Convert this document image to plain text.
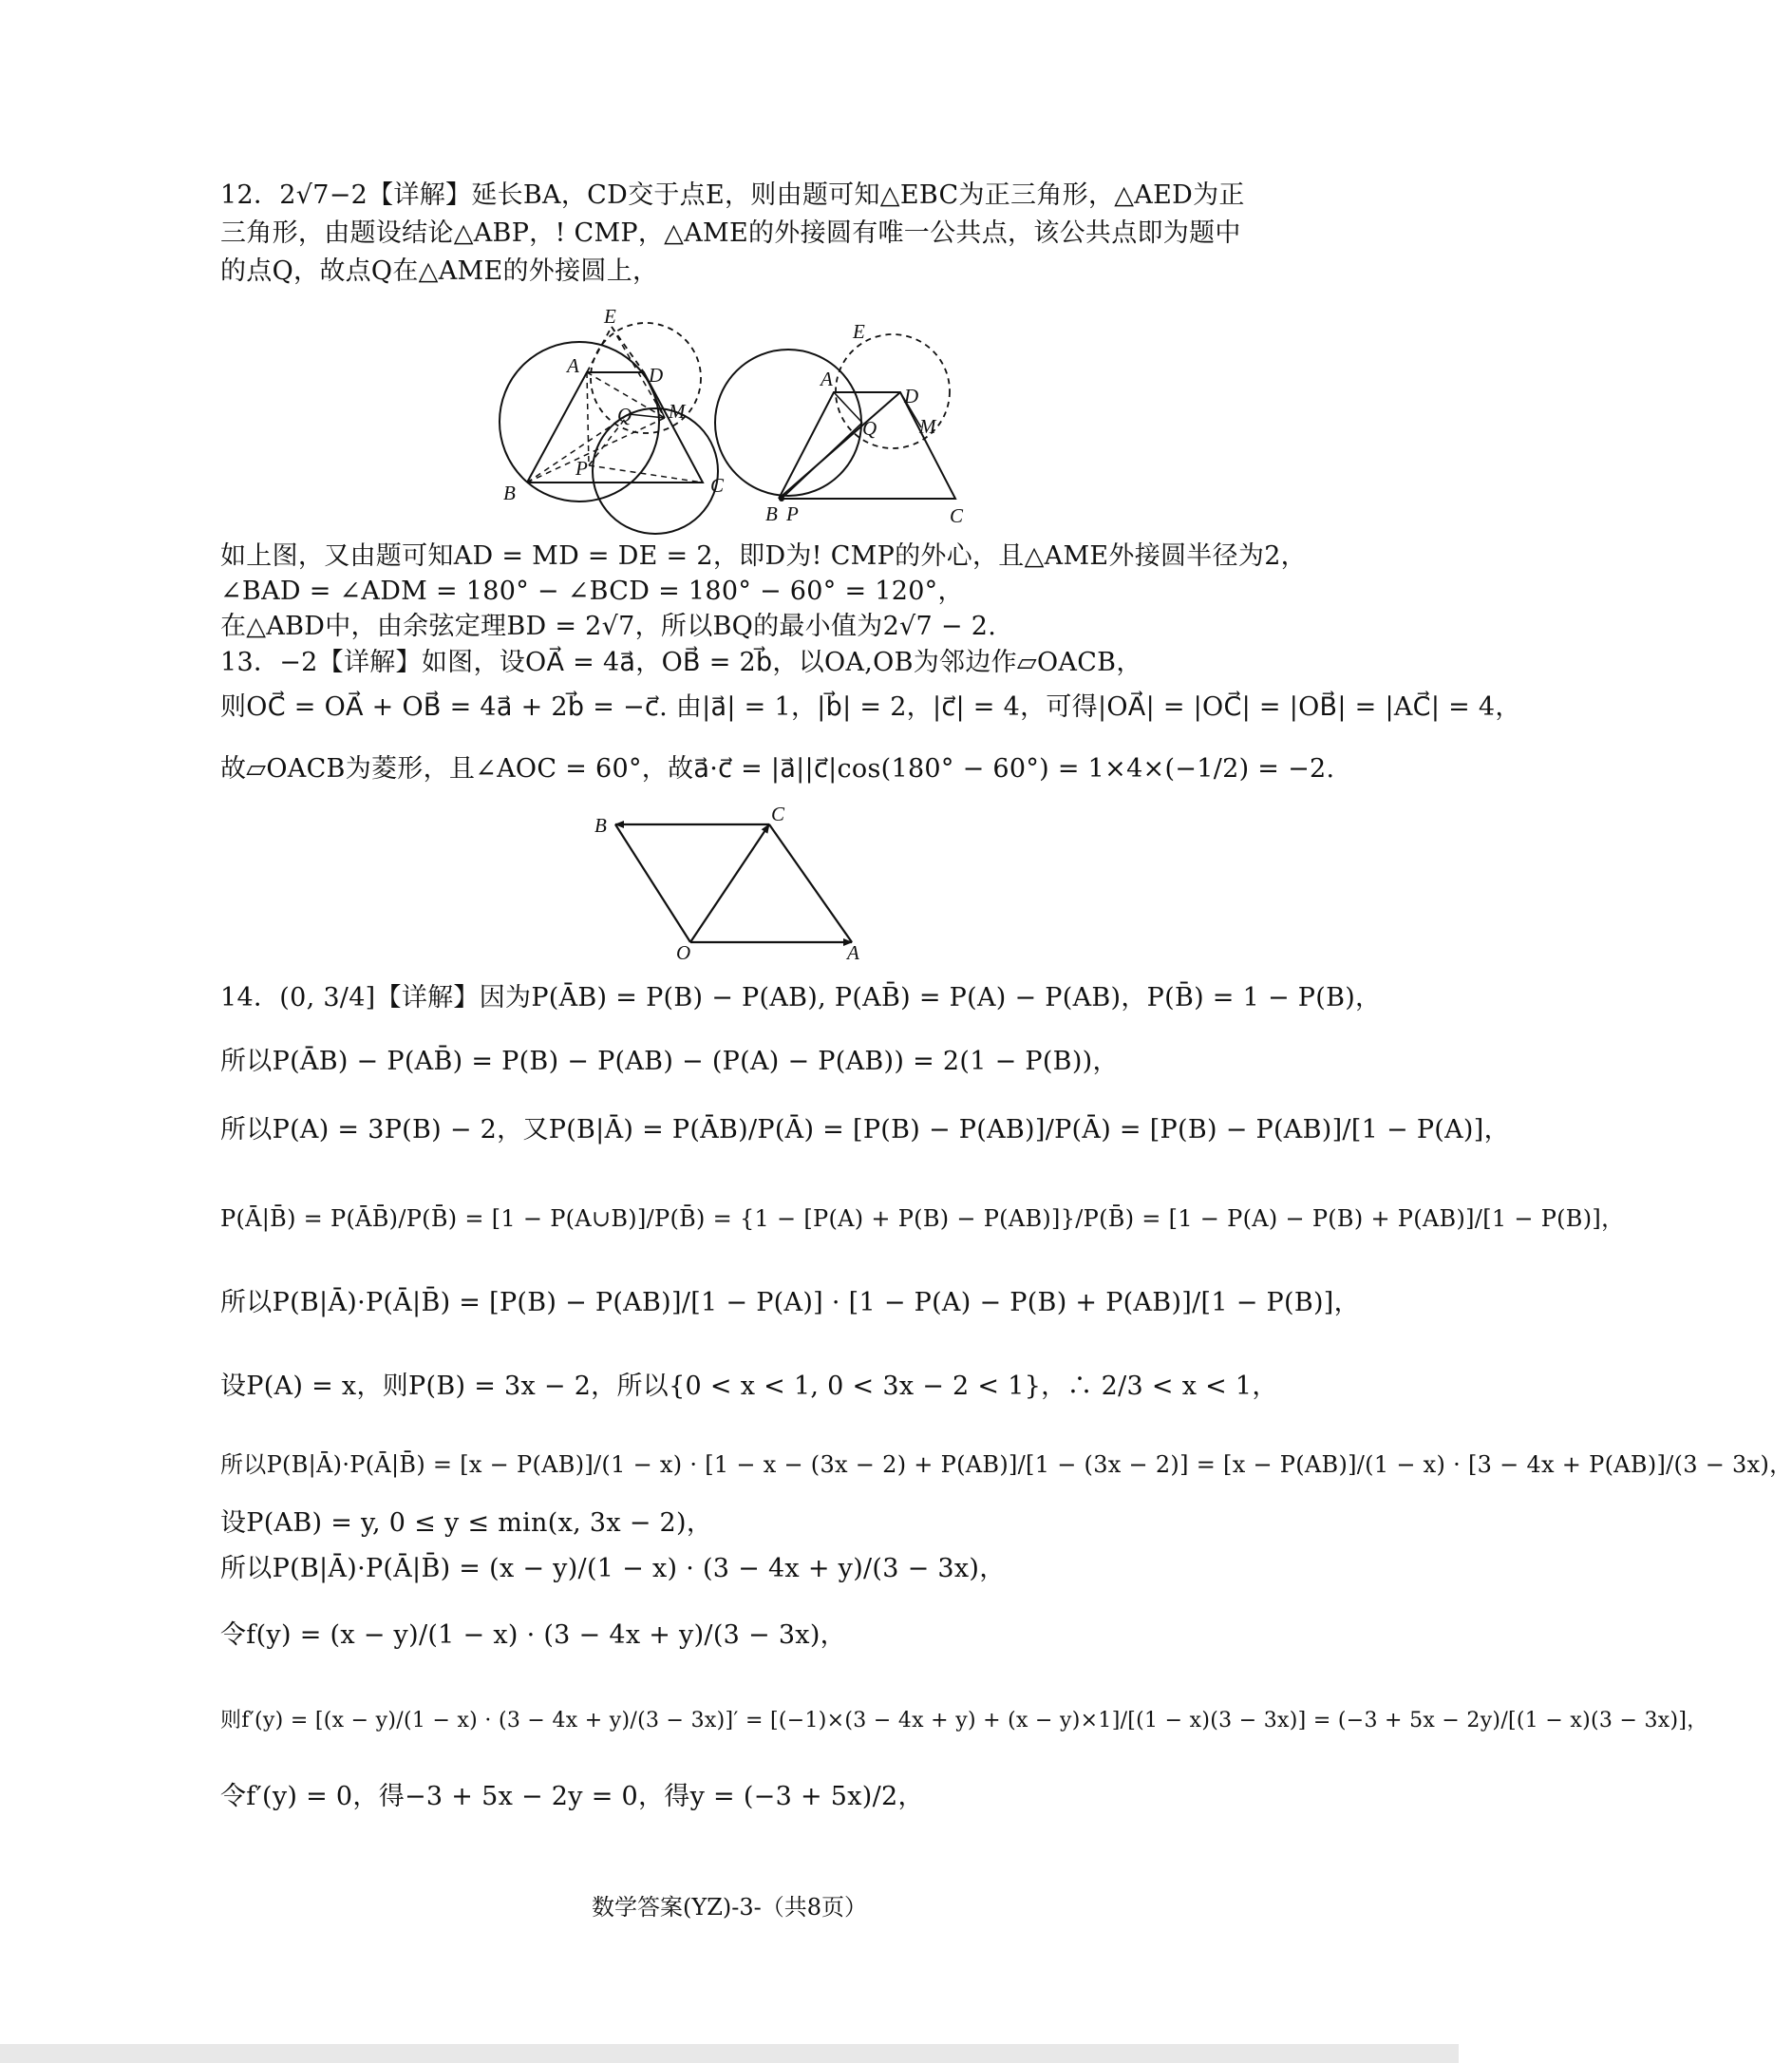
12．2√7−2【详解】延长BA，CD交于点E，则由题可知△EBC为正三角形，△AED为正
三角形，由题设结论△ABP，! CMP，△AME的外接圆有唯一公共点，该公共点即为题中
的点Q，故点Q在△AME的外接圆上，
E
A	D
Q M
P
B	C
E
A
D
Q M
B P	C
如上图，又由题可知AD = MD = DE = 2，即D为! CMP的外心，且△AME外接圆半径为2，
∠BAD = ∠ADM = 180° − ∠BCD = 180° − 60° = 120°，
在△ABD中，由余弦定理BD = 2√7，所以BQ的最小值为2√7 − 2.
13．−2【详解】如图，设OA⃗ = 4a⃗，OB⃗ = 2b⃗，以OA,OB为邻边作▱OACB，
则OC⃗ = OA⃗ + OB⃗ = 4a⃗ + 2b⃗ = −c⃗. 由|a⃗| = 1，|b⃗| = 2，|c⃗| = 4，可得|OA⃗| = |OC⃗| = |OB⃗| = |AC⃗| = 4，
故▱OACB为菱形，且∠AOC = 60°，故a⃗·c⃗ = |a⃗||c⃗|cos(180° − 60°) = 1×4×(−1/2) = −2.
B	C
O	A
14．(0, 3/4]【详解】因为P(ĀB) = P(B) − P(AB), P(AB̄) = P(A) − P(AB)，P(B̄) = 1 − P(B)，
所以P(ĀB) − P(AB̄) = P(B) − P(AB) − (P(A) − P(AB)) = 2(1 − P(B))，
所以P(A) = 3P(B) − 2，又P(B|Ā) = P(ĀB)/P(Ā) = [P(B) − P(AB)]/P(Ā) = [P(B) − P(AB)]/[1 − P(A)]，
P(Ā|B̄) = P(ĀB̄)/P(B̄) = [1 − P(A∪B)]/P(B̄) = {1 − [P(A) + P(B) − P(AB)]}/P(B̄) = [1 − P(A) − P(B) + P(AB)]/[1 − P(B)]，
所以P(B|Ā)·P(Ā|B̄) = [P(B) − P(AB)]/[1 − P(A)] · [1 − P(A) − P(B) + P(AB)]/[1 − P(B)]，
设P(A) = x，则P(B) = 3x − 2，所以{0 < x < 1, 0 < 3x − 2 < 1}，∴ 2/3 < x < 1，
所以P(B|Ā)·P(Ā|B̄) = [x − P(AB)]/(1 − x) · [1 − x − (3x − 2) + P(AB)]/[1 − (3x − 2)] = [x − P(AB)]/(1 − x) · [3 − 4x + P(AB)]/(3 − 3x)，
设P(AB) = y, 0 ≤ y ≤ min(x, 3x − 2)，
所以P(B|Ā)·P(Ā|B̄) = (x − y)/(1 − x) · (3 − 4x + y)/(3 − 3x)，
令f(y) = (x − y)/(1 − x) · (3 − 4x + y)/(3 − 3x)，
则f′(y) = [(x − y)/(1 − x) · (3 − 4x + y)/(3 − 3x)]′ = [(−1)×(3 − 4x + y) + (x − y)×1]/[(1 − x)(3 − 3x)] = (−3 + 5x − 2y)/[(1 − x)(3 − 3x)]，
令f′(y) = 0，得−3 + 5x − 2y = 0，得y = (−3 + 5x)/2，
数学答案(YZ)-3-（共8页）
